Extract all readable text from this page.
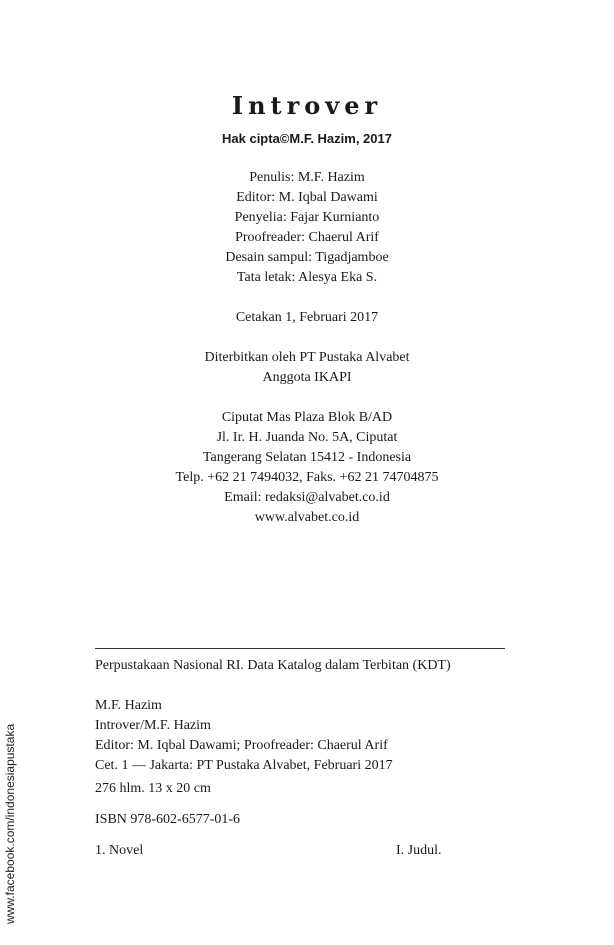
Introver
Hak cipta©M.F. Hazim, 2017
Penulis: M.F. Hazim
Editor: M. Iqbal Dawami
Penyelia: Fajar Kurnianto
Proofreader: Chaerul Arif
Desain sampul: Tigadjamboe
Tata letak: Alesya Eka S.
Cetakan 1, Februari 2017
Diterbitkan oleh PT Pustaka Alvabet
Anggota IKAPI
Ciputat Mas Plaza Blok B/AD
Jl. Ir. H. Juanda No. 5A, Ciputat
Tangerang Selatan 15412 - Indonesia
Telp. +62 21 7494032, Faks. +62 21 74704875
Email: redaksi@alvabet.co.id
www.alvabet.co.id
Perpustakaan Nasional RI. Data Katalog dalam Terbitan (KDT)
M.F. Hazim
Introver/M.F. Hazim
Editor: M. Iqbal Dawami; Proofreader: Chaerul Arif
Cet. 1 — Jakarta: PT Pustaka Alvabet, Februari 2017
276 hlm. 13 x 20 cm
ISBN 978-602-6577-01-6
1. Novel	I. Judul.
www.facebook.com/indonesiapustaka
